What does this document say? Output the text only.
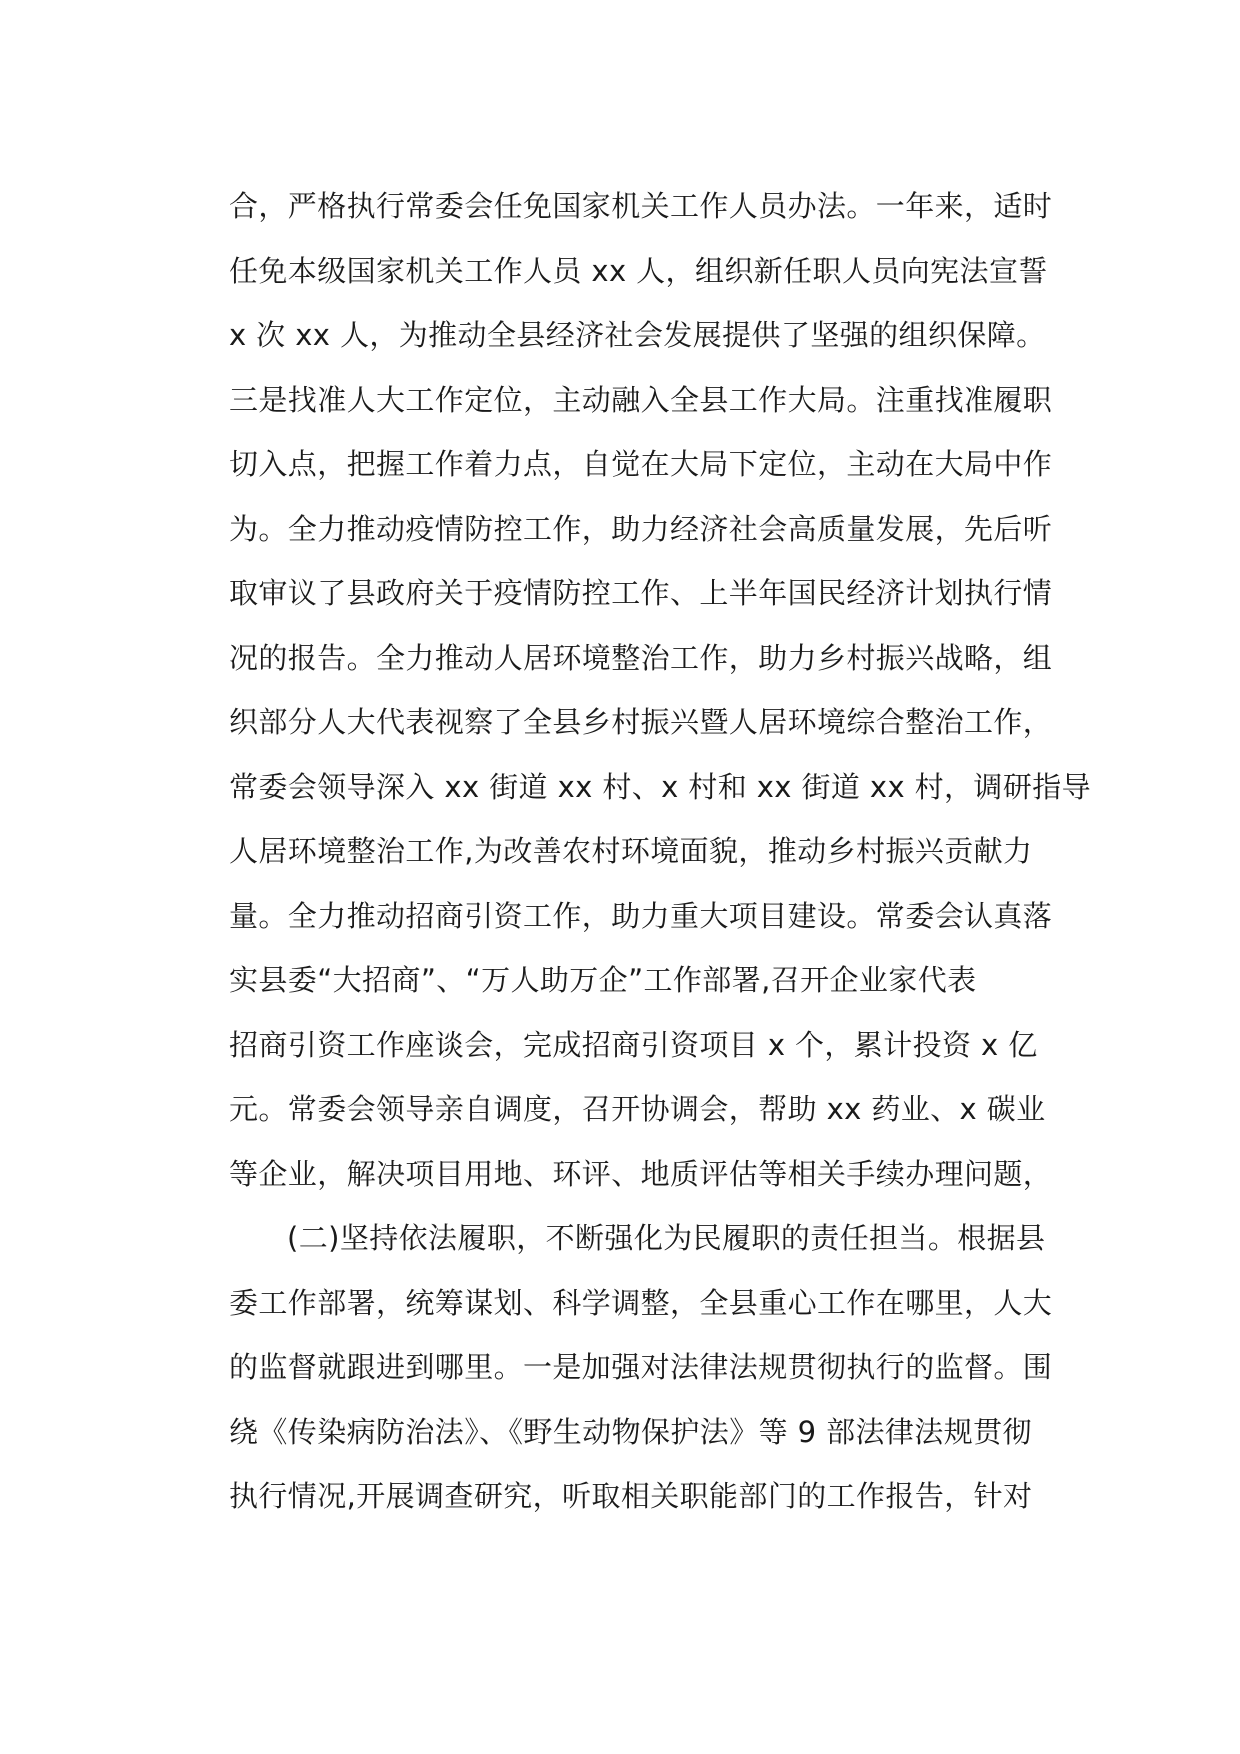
合，严格执行常委会任免国家机关工作人员办法。一年来，适时
任免本级国家机关工作人员 xx 人，组织新任职人员向宪法宣誓
x 次 xx 人，为推动全县经济社会发展提供了坚强的组织保障。
三是找准人大工作定位，主动融入全县工作大局。注重找准履职
切入点，把握工作着力点，自觉在大局下定位，主动在大局中作
为。全力推动疫情防控工作，助力经济社会高质量发展，先后听
取审议了县政府关于疫情防控工作、上半年国民经济计划执行情
况的报告。全力推动人居环境整治工作，助力乡村振兴战略，组
织部分人大代表视察了全县乡村振兴暨人居环境综合整治工作，
常委会领导深入 xx 街道 xx 村、x 村和 xx 街道 xx 村，调研指导
人居环境整治工作,为改善农村环境面貌，推动乡村振兴贡献力
量。全力推动招商引资工作，助力重大项目建设。常委会认真落
实县委“大招商”、“万人助万企”工作部署,召开企业家代表
招商引资工作座谈会，完成招商引资项目 x 个，累计投资 x 亿
元。常委会领导亲自调度，召开协调会，帮助 xx 药业、x 碳业
等企业，解决项目用地、环评、地质评估等相关手续办理问题，
(二)坚持依法履职，不断强化为民履职的责任担当。根据县
委工作部署，统筹谋划、科学调整，全县重心工作在哪里，人大
的监督就跟进到哪里。一是加强对法律法规贯彻执行的监督。围
绕《传染病防治法》、《野生动物保护法》等 9 部法律法规贯彻
执行情况,开展调查研究，听取相关职能部门的工作报告，针对
